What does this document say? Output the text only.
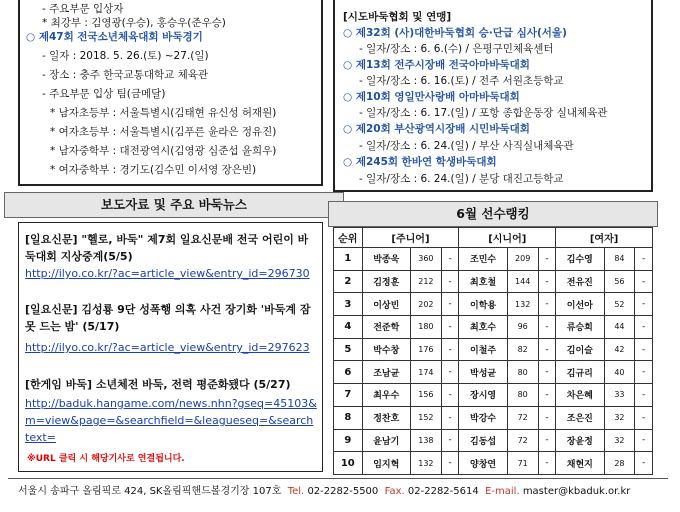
- 주요부문 입상자
* 최강부 : 김영광(우승), 홍승우(준우승)
○ 제47회 전국소년체육대회 바둑경기
- 일자 : 2018. 5. 26.(토) ~27.(일)
- 장소 : 충주 한국교통대학교 체육관
- 주요부문 입상 팀(금메달)
* 남자초등부 : 서울특별시(김태현 유신성 허재원)
* 여자초등부 : 서울특별시(김푸른 윤라은 정유진)
* 남자중학부 : 대전광역시(김영광 심준섭 윤희우)
* 여자중학부 : 경기도(김수민 이서영 장은빈)
[시도바둑협회 및 연맹]
○ 제32회 (사)대한바둑협회 승·단급 심사(서울)
- 일자/장소 : 6. 6.(수) / 은평구민체육센터
○ 제13회 전주시장배 전국아마바둑대회
- 일자/장소 : 6. 16.(토) / 전주 서원초등학교
○ 제10회 영일만사랑배 아마바둑대회
- 일자/장소 : 6. 17.(일) / 포항 종합운동장 실내체육관
○ 제20회 부산광역시장배 시민바둑대회
- 일자/장소 : 6. 24.(일) / 부산 사직실내체육관
○ 제245회 한바연 학생바둑대회
- 일자/장소 : 6. 24.(일) / 분당 대진고등학교
보도자료 및 주요 바둑뉴스
6월 선수랭킹
[일요신문] "헬로, 바둑" 제7회 일요신문배 전국 어린이 바둑대회 지상중계(5/5)
http://ilyo.co.kr/?ac=article_view&entry_id=296730
[일요신문] 김성룡 9단 성폭행 의혹 사건 장기화 '바둑계 잠 못 드는 밤' (5/17)
http://ilyo.co.kr/?ac=article_view&entry_id=297623
[한게임 바둑] 소년체전 바둑, 전력 평준화됐다 (5/27)
http://baduk.hangame.com/news.nhn?gseq=45103&m=view&page=&searchfield=&leagueseq=&searchtext=
※URL 클릭 시 해당기사로 연결됩니다.
순위	[주니어]			[시니어]			[여자]		
1	박종욱	360	-	조민수	209	-	김수영	84	-
2	김정훈	212	-	최호철	144	-	전유진	56	-
3	이상빈	202	-	이학용	132	-	이선아	52	-
4	전준학	180	-	최호수	96	-	류승희	44	-
5	박수창	176	-	이철주	82	-	김이슬	42	-
6	조남균	174	-	박성균	80	-	김규리	40	-
7	최우수	156	-	장시영	80	-	차은혜	33	-
8	정찬호	152	-	박강수	72	-	조은진	32	-
9	윤남기	138	-	김동섭	72	-	장윤정	32	-
10	임지혁	132	-	양창연	71	-	채현지	28	-
서울시 송파구 올림픽로 424, SK올림픽핸드볼경기장 107호 Tel. 02-2282-5500 Fax. 02-2282-5614 E-mail. master@kbaduk.or.kr
